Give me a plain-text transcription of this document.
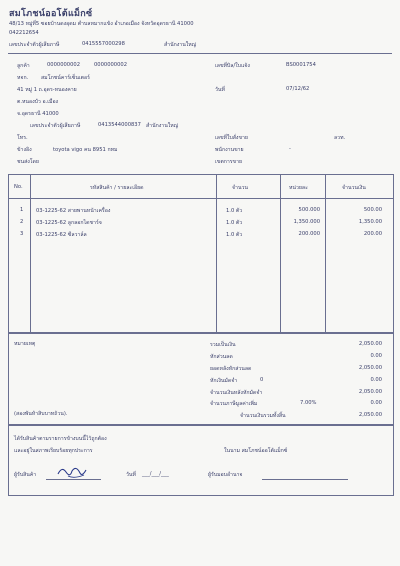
สมโภชน์ออโต้แม็กซ์
48/13 หมู่ที่5 ซอยบ้านดงอุดม ตำบลหมากแข้ง อำเภอเมือง จังหวัดอุดรธานี 41000
042212654
เลขประจำตัวผู้เสียภาษี	0415557000298	สำนักงานใหญ่
ลูกค้า	0000000002	0000000002
หจก. สมโภชน์คาร์เซ็นเตอร์
41 หมู่ 1 ถ.อุดร-หนองคาย
ต.หนองบัว อ.เมือง
จ.อุดรธานี 41000
เลขประจำตัวผู้เสียภาษี	0413544000837 สำนักงานใหญ่
โทร.
ข้างอิง	toyota vigo คน 8951 กทม
ชนส่งโดย
เลขที่บิล/ใบแจ้ง	BS0001754
วันที่	07/12/62
เลขที่ใบสั่งขาย	ลวท.
พนักงานขาย	-
เขตการขาย
No.	รหัสสินค้า / รายละเอียด	จำนวน	หน่วยละ	จำนวนเงิน
1 03-1225-62 สายพานหน้าเครื่อง	1.0 ตัว	500.000	500.00
2 03-1225-62 ลูกลอกไดชาร์จ	1.0 ตัว	1,350.000	1,350.00
3 03-1225-62 ซีลวาล์ล	1.0 ตัว	200.000	200.00
หมายเหตุ
(สองพันห้าสิบบาทถ้วน).
รวมเป็นเงิน	2,050.00
หักส่วนลด	0.00
ยอดหลังหักส่วนลด	2,050.00
หักเงินมัดจำ	0	0.00
จำนวนเงินหลังหักมัดจำ	2,050.00
จำนวนภาษีมูลค่าเพิ่ม	7.00%	0.00
จำนวนเงินรวมทั้งสิ้น	2,050.00
ได้รับสินค้าตามรายการข้างบนนี้ไว้ถูกต้อง
และอยู่ในสภาพเรียบร้อยทุกประการ	ในนาม สมโภชน์ออโต้แม็กซ์
ผู้รับสินค้า	วันที่ ___/___/___	ผู้รับมอบอำนาจ
